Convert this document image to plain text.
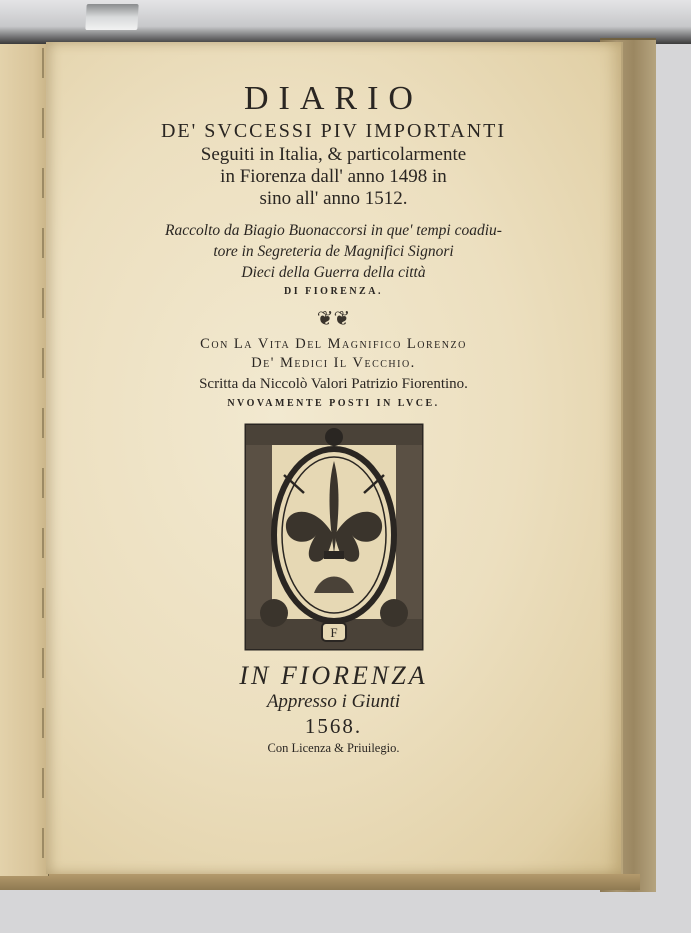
DIARIO
DE' SVCCESSI PIV IMPORTANTI
Seguiti in Italia, & particolarmente
in Fiorenza dall' anno 1498 in
sino all' anno 1512.
Raccolto da Biagio Buonaccorsi in que' tempi coadiu-
tore in Segreteria de Magnifici Signori
Dieci della Guerra della città
DI FIORENZA.
❦❦
Con La Vita Del Magnifico Lorenzo
De' Medici Il Vecchio.
Scritta da Niccolò Valori Patrizio Fiorentino.
NVOVAMENTE POSTI IN LVCE.
F
IN FIORENZA
Appresso i Giunti
1568.
Con Licenza & Priuilegio.
